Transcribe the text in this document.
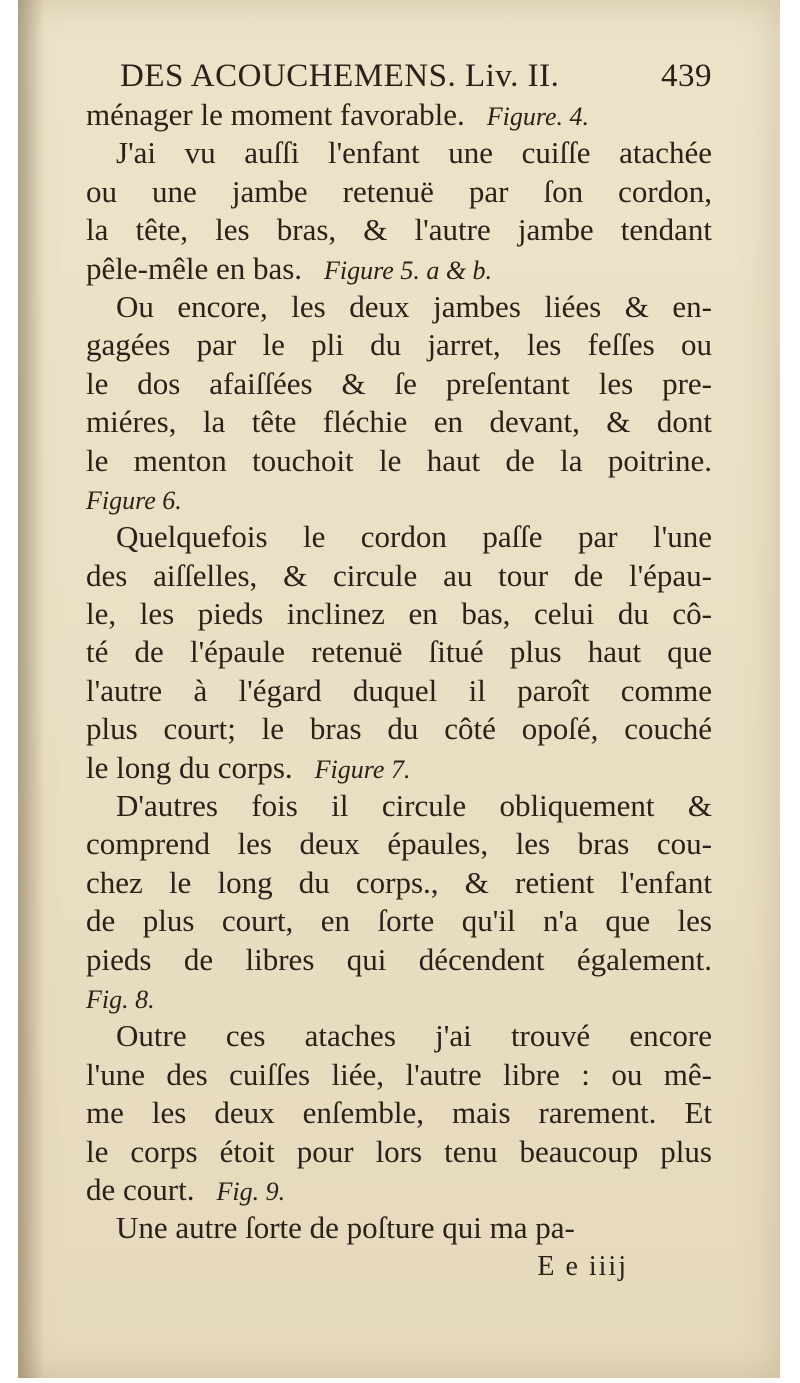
DES ACOUCHEMENS. Liv. II.	439
ménager le moment favorable. Figure. 4.
J'ai vu auſſi l'enfant une cuiſſe atachée
ou une jambe retenuë par ſon cordon,
la tête, les bras, & l'autre jambe tendant
pêle-mêle en bas. Figure 5. a & b.
Ou encore, les deux jambes liées & en-
gagées par le pli du jarret, les feſſes ou
le dos afaiſſées & ſe preſentant les pre-
miéres, la tête fléchie en devant, & dont
le menton touchoit le haut de la poitrine.
Figure 6.
Quelquefois le cordon paſſe par l'une
des aiſſelles, & circule au tour de l'épau-
le, les pieds inclinez en bas, celui du cô-
té de l'épaule retenuë ſitué plus haut que
l'autre à l'égard duquel il paroît comme
plus court; le bras du côté opoſé, couché
le long du corps. Figure 7.
D'autres fois il circule obliquement &
comprend les deux épaules, les bras cou-
chez le long du corps., & retient l'enfant
de plus court, en ſorte qu'il n'a que les
pieds de libres qui décendent également.
Fig. 8.
Outre ces ataches j'ai trouvé encore
l'une des cuiſſes liée, l'autre libre : ou mê-
me les deux enſemble, mais rarement. Et
le corps étoit pour lors tenu beaucoup plus
de court. Fig. 9.
Une autre ſorte de poſture qui ma pa-
E e iiij
